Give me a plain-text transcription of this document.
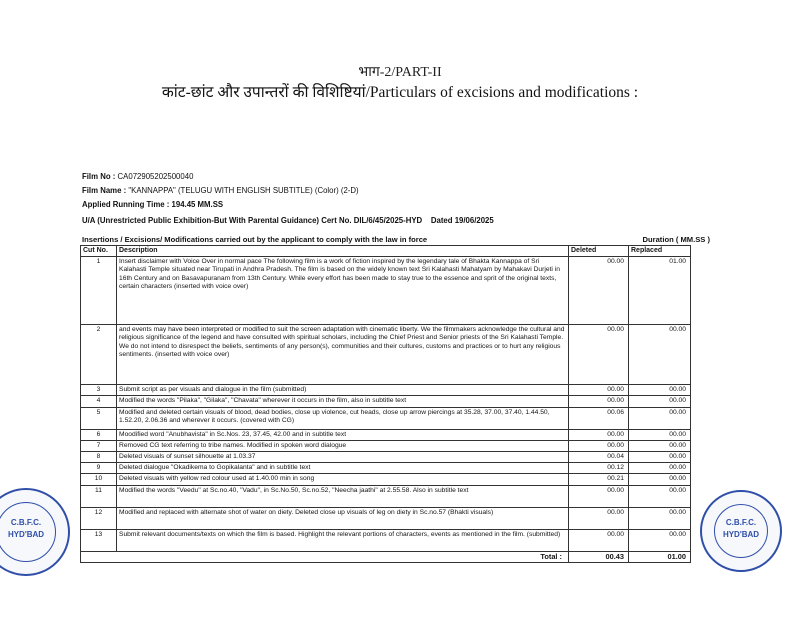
भाग-2/PART-II
कांट-छांट और उपान्तरों की विशिष्टियां/Particulars of excisions and modifications :
Film No : CA072905202500040
Film Name : "KANNAPPA" (TELUGU WITH ENGLISH SUBTITLE) (Color) (2-D)
Applied Running Time : 194.45 MM.SS
U/A (Unrestricted Public Exhibition-But With Parental Guidance) Cert No. DIL/6/45/2025-HYD Dated 19/06/2025
Insertions / Excisions/ Modifications carried out by the applicant to comply with the law in force	Duration ( MM.SS )
Cut No.	Description	Deleted	Replaced
1	Insert disclaimer with Voice Over in normal pace The following film is a work of fiction inspired by the legendary tale of Bhakta Kannappa of Sri Kalahasti Temple situated near Tirupati in Andhra Pradesh. The film is based on the widely known text Sri Kalahasti Mahatyam by Mahakavi Durjeti in 16th Century and on Basavapuranam from 13th Century. While every effort has been made to stay true to the essence and sprit of the original texts, certain characters (inserted with voice over)	00.00	01.00
2	and events may have been interpreted or modified to suit the screen adaptation with cinematic liberty. We the filmmakers acknowledge the cultural and religious significance of the legend and have consulted with spiritual scholars, including the Chief Priest and Senior priests of the Sri Kalahasti Temple. We do not intend to disrespect the beliefs, sentiments of any person(s), communities and their cultures, customs and practices or to hurt any religious sentiments. (inserted with voice over)	00.00	00.00
3	Submit script as per visuals and dialogue in the film (submitted)	00.00	00.00
4	Modified the words "Pilaka", "Gilaka", "Chavata" wherever it occurs in the film, also in subtitle text	00.00	00.00
5	Modified and deleted certain visuals of blood, dead bodies, close up violence, cut heads, close up arrow piercings at 35.28, 37.00, 37.40, 1.44.50, 1.52.20, 2.06.36 and wherever it occurs. (covered with CG)	00.06	00.00
6	Moodified word "Anubhavista" in Sc.Nos. 23, 37.45, 42.00 and in subtitle text	00.00	00.00
7	Removed CG text referring to tribe names. Modified in spoken word dialogue	00.00	00.00
8	Deleted visuals of sunset silhouette at 1.03.37	00.04	00.00
9	Deleted dialogue "Okadikema to Gopikalanta" and in subtitle text	00.12	00.00
10	Deleted visuals with yellow red colour used at 1.40.00 min in song	00.21	00.00
11	Modified the words "Veedu" at Sc.no.40, "Vadu", in Sc.No.50, Sc.no.52, "Neecha jaathi" at 2.55.58. Also in subtitle text	00.00	00.00
12	Modified and replaced with alternate shot of water on diety. Deleted close up visuals of leg on diety in Sc.no.57 (Bhakti visuals)	00.00	00.00
13	Submit relevant documents/texts on which the film is based. Highlight the relevant portions of characters, events as mentioned in the film. (submitted)	00.00	00.00
Total :		00.43	01.00
C.B.F.C.
HYD'BAD
C.B.F.C.
HYD'BAD
